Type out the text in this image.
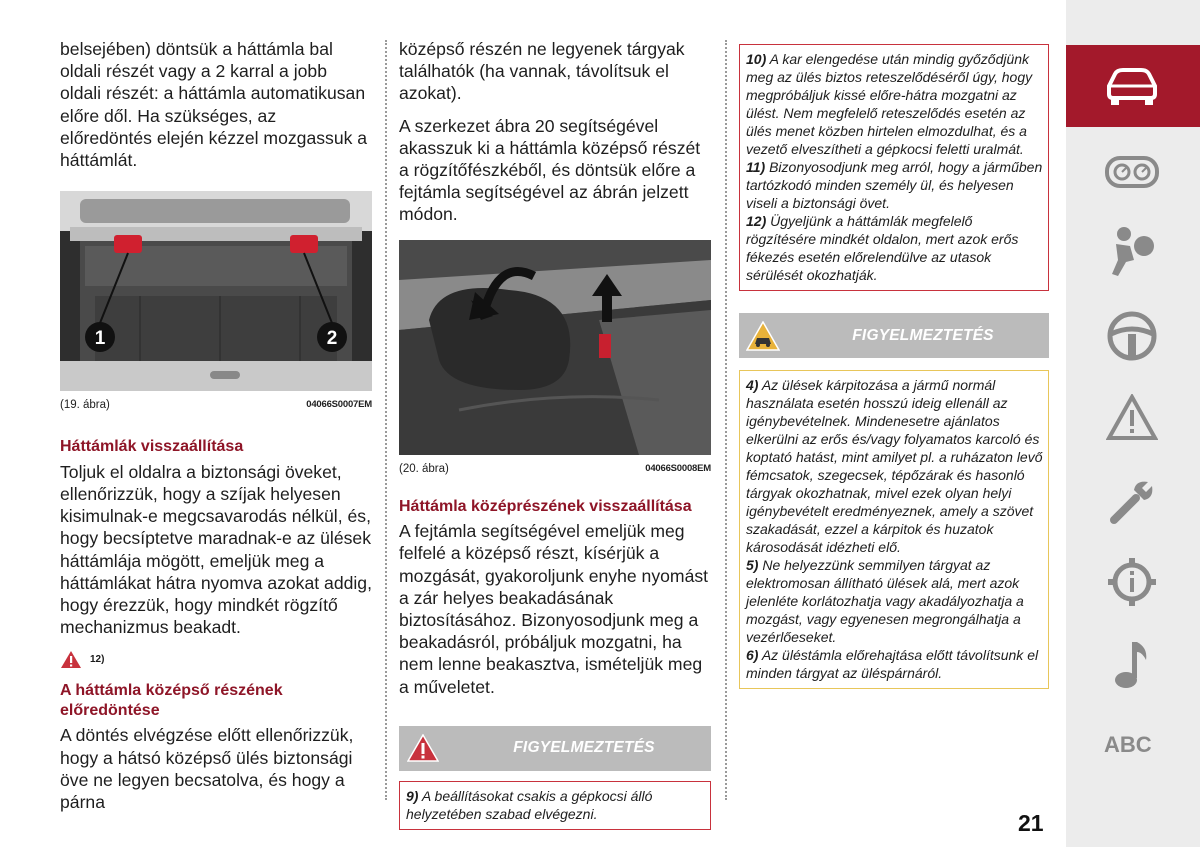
belsejében) döntsük a háttámla bal oldali részét vagy a 2 karral a jobb oldali részét: a háttámla automatikusan előre dől. Ha szükséges, az előredöntés elején kézzel mozgassuk a háttámlát.

1	2
(19. ábra)	04066S0007EM
Háttámlák visszaállítása

Toljuk el oldalra a biztonsági öveket, ellenőrizzük, hogy a szíjak helyesen kisimulnak-e megcsavarodás nélkül, és, hogy becsíptetve maradnak-e az ülések háttámlája mögött, emeljük meg a háttámlákat hátra nyomva azokat addig, hogy érezzük, hogy mindkét rögzítő mechanizmus beakadt.

12)
A háttámla középső részének előredöntése

A döntés elvégzése előtt ellenőrizzük, hogy a hátsó középső ülés biztonsági öve ne legyen becsatolva, és hogy a párna

középső részén ne legyenek tárgyak találhatók (ha vannak, távolítsuk el azokat).

A szerkezet ábra 20 segítségével akasszuk ki a háttámla középső részét a rögzítőfészkéből, és döntsük előre a fejtámla segítségével az ábrán jelzett módon.

(20. ábra)	04066S0008EM
Háttámla középrészének visszaállítása

A fejtámla segítségével emeljük meg felfelé a középső részt, kísérjük a mozgását, gyakoroljunk enyhe nyomást a zár helyes beakadásának biztosításához. Bizonyosodjunk meg a beakadásról, próbáljuk mozgatni, ha nem lenne beakasztva, ismételjük meg a műveletet.

FIGYELMEZTETÉS
9) A beállításokat csakis a gépkocsi álló helyzetében szabad elvégezni.
10) A kar elengedése után mindig győződjünk meg az ülés biztos reteszelődéséről úgy, hogy megpróbáljuk kissé előre-hátra mozgatni az ülést. Nem megfelelő reteszelődés esetén az ülés menet közben hirtelen elmozdulhat, és a vezető elveszítheti a gépkocsi feletti uralmát.
11) Bizonyosodjunk meg arról, hogy a járműben tartózkodó minden személy ül, és helyesen viseli a biztonsági övet.
12) Ügyeljünk a háttámlák megfelelő rögzítésére mindkét oldalon, mert azok erős fékezés esetén előrelendülve az utasok sérülését okozhatják.
FIGYELMEZTETÉS
4) Az ülések kárpitozása a jármű normál használata esetén hosszú ideig ellenáll az igénybevételnek. Mindenesetre ajánlatos elkerülni az erős és/vagy folyamatos karcoló és koptató hatást, mint amilyet pl. a ruházaton levő fémcsatok, szegecsek, tépőzárak és hasonló tárgyak okozhatnak, mivel ezek olyan helyi igénybevételt eredményeznek, amely a szövet szakadását, ezzel a kárpitok és huzatok károsodását idézheti elő.
5) Ne helyezzünk semmilyen tárgyat az elektromosan állítható ülések alá, mert azok jelenléte korlátozhatja vagy akadályozhatja a mozgást, vagy egyenesen megrongálhatja a vezérlőeseket.
6) Az üléstámla előrehajtása előtt távolítsunk el minden tárgyat az üléspárnáról.
ABC
21
